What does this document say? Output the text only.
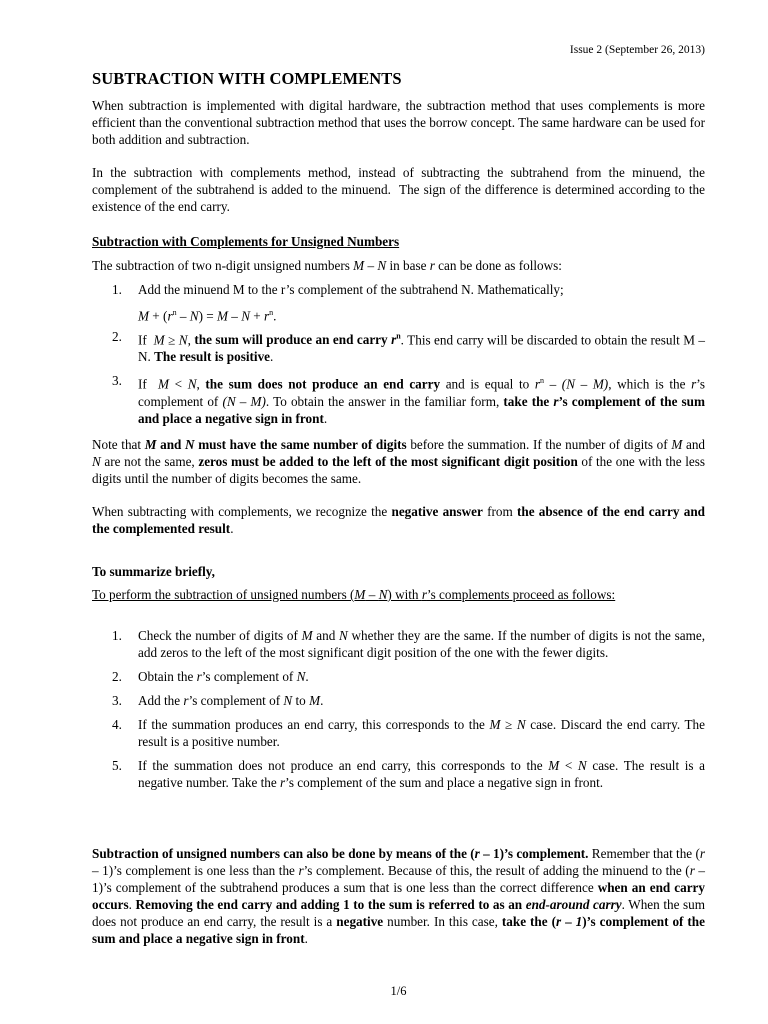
Issue 2 (September 26, 2013)
SUBTRACTION WITH COMPLEMENTS

When subtraction is implemented with digital hardware, the subtraction method that uses complements is more efficient than the conventional subtraction method that uses the borrow concept. The same hardware can be used for both addition and subtraction.

In the subtraction with complements method, instead of subtracting the subtrahend from the minuend, the complement of the subtrahend is added to the minuend.  The sign of the difference is determined according to the existence of the end carry.

Subtraction with Complements for Unsigned Numbers

The subtraction of two n-digit unsigned numbers M – N in base r can be done as follows:

1. Add the minuend M to the r’s complement of the subtrahend N. Mathematically;
$M + (r^n - N) = M - N + r^n$.
2. If  M ≥ N, the sum will produce an end carry $r^n$. This end carry will be discarded to obtain the result M – N. The result is positive.
3. If  M < N, the sum does not produce an end carry and is equal to $r^n - (N - M)$, which is the r’s complement of (N – M). To obtain the answer in the familiar form, take the r’s complement of the sum and place a negative sign in front.

Note that M and N must have the same number of digits before the summation. If the number of digits of M and N are not the same, zeros must be added to the left of the most significant digit position of the one with the less digits until the number of digits becomes the same.

When subtracting with complements, we recognize the negative answer from the absence of the end carry and the complemented result.

To summarize briefly,

To perform the subtraction of unsigned numbers (M – N) with r’s complements proceed as follows:

1. Check the number of digits of M and N whether they are the same. If the number of digits is not the same, add zeros to the left of the most significant digit position of the one with the fewer digits.
2. Obtain the r’s complement of N.
3. Add the r’s complement of N to M.
4. If the summation produces an end carry, this corresponds to the M ≥ N case. Discard the end carry. The result is a positive number.
5. If the summation does not produce an end carry, this corresponds to the M < N case. The result is a negative number. Take the r’s complement of the sum and place a negative sign in front.

Subtraction of unsigned numbers can also be done by means of the (r – 1)’s complement. Remember that the (r – 1)’s complement is one less than the r’s complement. Because of this, the result of adding the minuend to the (r – 1)’s complement of the subtrahend produces a sum that is one less than the correct difference when an end carry occurs. Removing the end carry and adding 1 to the sum is referred to as an end-around carry. When the sum does not produce an end carry, the result is a negative number. In this case, take the (r – 1)’s complement of the sum and place a negative sign in front.

1/6
